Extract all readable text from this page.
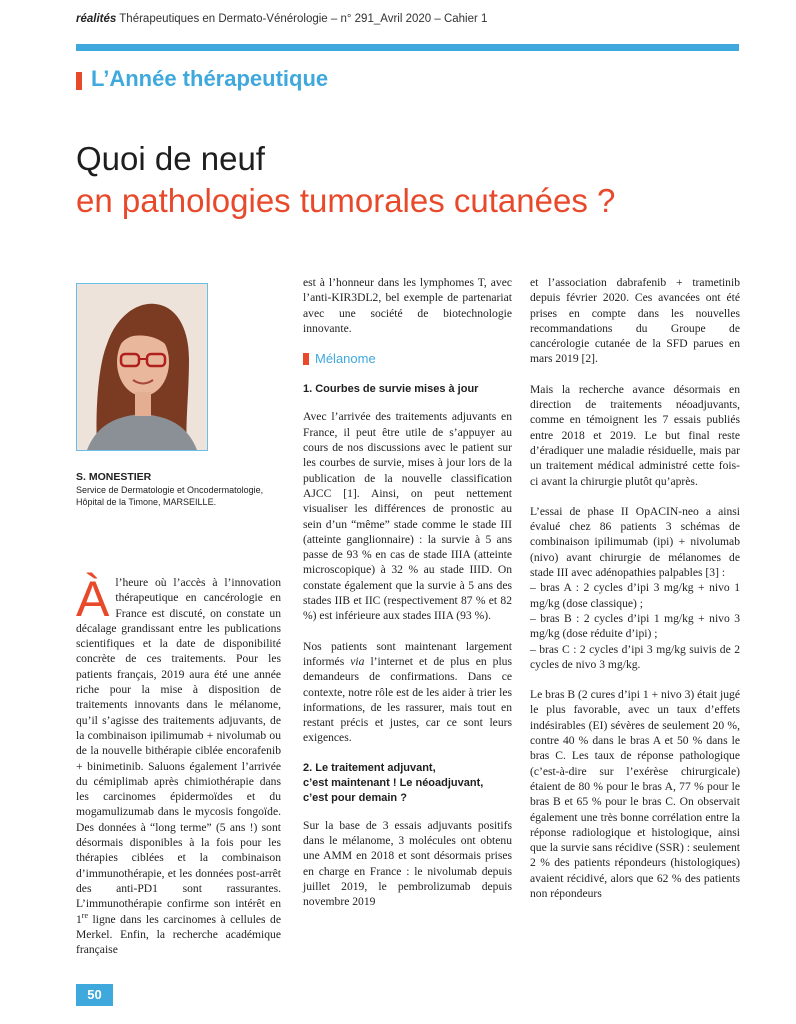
réalités Thérapeutiques en Dermato-Vénérologie – n° 291_Avril 2020 – Cahier 1
L’Année thérapeutique
Quoi de neuf
en pathologies tumorales cutanées ?
S. MONESTIER
Service de Dermatologie et Oncodermatologie,
Hôpital de la Timone, MARSEILLE.

Àl’heure où l’accès à l’innovation thérapeutique en cancérologie en France est discuté, on constate un décalage grandissant entre les publications scientifiques et la date de disponibilité concrète de ces traitements. Pour les patients français, 2019 aura été une année riche pour la mise à disposition de traitements innovants dans le mélanome, qu’il s’agisse des traitements adjuvants, de la combinaison ipilimumab + nivolumab ou de la nouvelle bithérapie ciblée encorafenib + binimetinib. Saluons également l’arrivée du cémiplimab après chimiothérapie dans les carcinomes épidermoïdes et du mogamulizumab dans le mycosis fongoïde. Des données à “long terme” (5 ans !) sont désormais disponibles à la fois pour les thérapies ciblées et la combinaison d’immunothérapie, et les données post-arrêt des anti-PD1 sont rassurantes. L’immunothérapie confirme son intérêt en 1re ligne dans les carcinomes à cellules de Merkel. Enfin, la recherche académique française

est à l’honneur dans les lymphomes T, avec l’anti-KIR3DL2, bel exemple de partenariat avec une société de biotechnologie innovante.

Mélanome
1. Courbes de survie mises à jour

Avec l’arrivée des traitements adjuvants en France, il peut être utile de s’appuyer au cours de nos discussions avec le patient sur les courbes de survie, mises à jour lors de la publication de la nouvelle classification AJCC [1]. Ainsi, on peut nettement visualiser les différences de pronostic au sein d’un “même” stade comme le stade III (atteinte ganglionnaire) : la survie à 5 ans passe de 93 % en cas de stade IIIA (atteinte microscopique) à 32 % au stade IIID. On constate également que la survie à 5 ans des stades IIB et IIC (respectivement 87 % et 82 %) est inférieure aux stades IIIA (93 %).

Nos patients sont maintenant largement informés via l’internet et de plus en plus demandeurs de confirmations. Dans ce contexte, notre rôle est de les aider à trier les informations, de les rassurer, mais tout en restant précis et justes, car ce sont leurs exigences.

2. Le traitement adjuvant,
c’est maintenant ! Le néoadjuvant,
c’est pour demain ?

Sur la base de 3 essais adjuvants positifs dans le mélanome, 3 molécules ont obtenu une AMM en 2018 et sont désormais prises en charge en France : le nivolumab depuis juillet 2019, le pembrolizumab depuis novembre 2019

et l’association dabrafenib + trametinib depuis février 2020. Ces avancées ont été prises en compte dans les nouvelles recommandations du Groupe de cancérologie cutanée de la SFD parues en mars 2019 [2].

Mais la recherche avance désormais en direction de traitements néoadjuvants, comme en témoignent les 7 essais publiés entre 2018 et 2019. Le but final reste d’éradiquer une maladie résiduelle, mais par un traitement médical administré cette fois-ci avant la chirurgie plutôt qu’après.

L’essai de phase II OpACIN-neo a ainsi évalué chez 86 patients 3 schémas de combinaison ipilimumab (ipi) + nivolumab (nivo) avant chirurgie de mélanomes de stade III avec adénopathies palpables [3] :
– bras A : 2 cycles d’ipi 3 mg/kg + nivo 1 mg/kg (dose classique) ;
– bras B : 2 cycles d’ipi 1 mg/kg + nivo 3 mg/kg (dose réduite d’ipi) ;
– bras C : 2 cycles d’ipi 3 mg/kg suivis de 2 cycles de nivo 3 mg/kg.

Le bras B (2 cures d’ipi 1 + nivo 3) était jugé le plus favorable, avec un taux d’effets indésirables (EI) sévères de seulement 20 %, contre 40 % dans le bras A et 50 % dans le bras C. Les taux de réponse pathologique (c’est-à-dire sur l’exérèse chirurgicale) étaient de 80 % pour le bras A, 77 % pour le bras B et 65 % pour le bras C. On observait également une très bonne corrélation entre la réponse radiologique et histologique, ainsi que la survie sans récidive (SSR) : seulement 2 % des patients répondeurs (histologiques) avaient récidivé, alors que 62 % des patients non répondeurs

50
